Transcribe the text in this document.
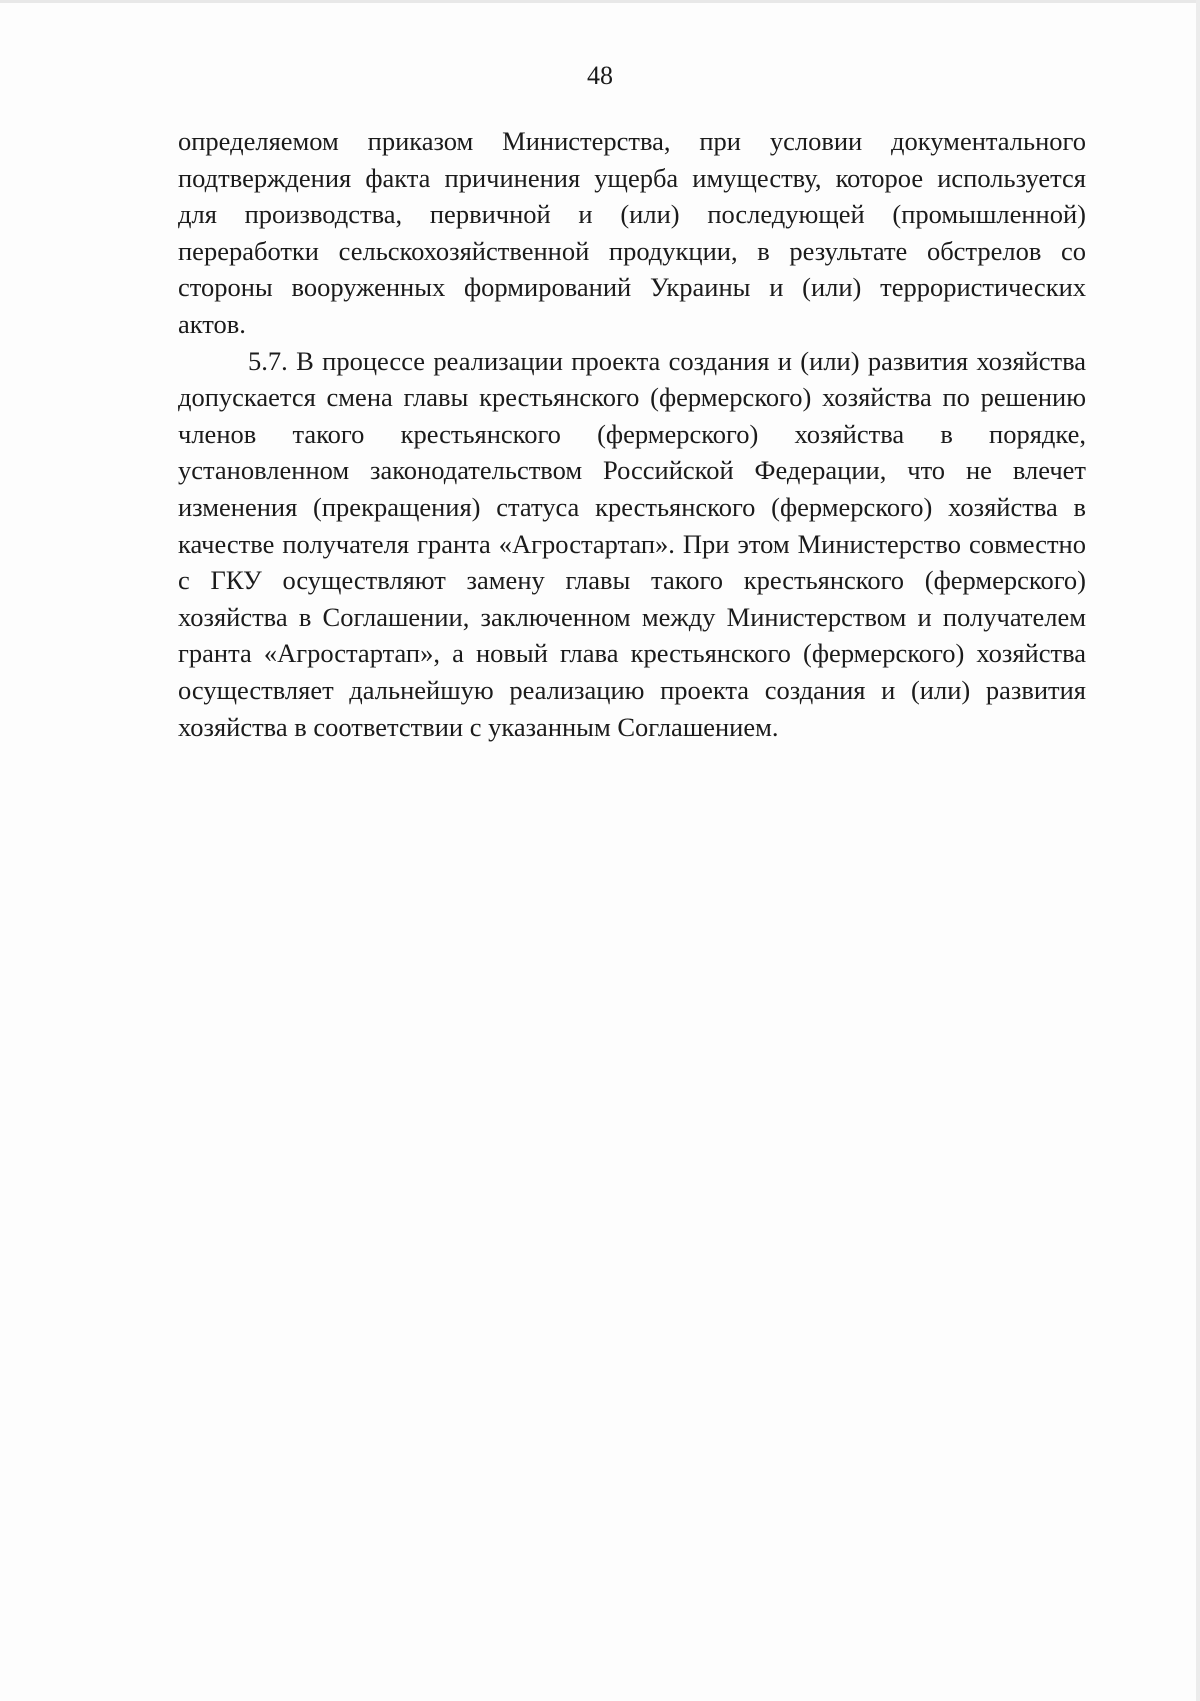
48

определяемом приказом Министерства, при условии документального подтверждения факта причинения ущерба имуществу, которое используется для производства, первичной и (или) последующей (промышленной) переработки сельскохозяйственной продукции, в результате обстрелов со стороны вооруженных формирований Украины и (или) террористических актов.

5.7. В процессе реализации проекта создания и (или) развития хозяйства допускается смена главы крестьянского (фермерского) хозяйства по решению членов такого крестьянского (фермерского) хозяйства в порядке, установленном законодательством Российской Федерации, что не влечет изменения (прекращения) статуса крестьянского (фермерского) хозяйства в качестве получателя гранта «Агростартап». При этом Министерство совместно с ГКУ осуществляют замену главы такого крестьянского (фермерского) хозяйства в Соглашении, заключенном между Министерством и получателем гранта «Агростартап», а новый глава крестьянского (фермерского) хозяйства осуществляет дальнейшую реализацию проекта создания и (или) развития хозяйства в соответствии с указанным Соглашением.
